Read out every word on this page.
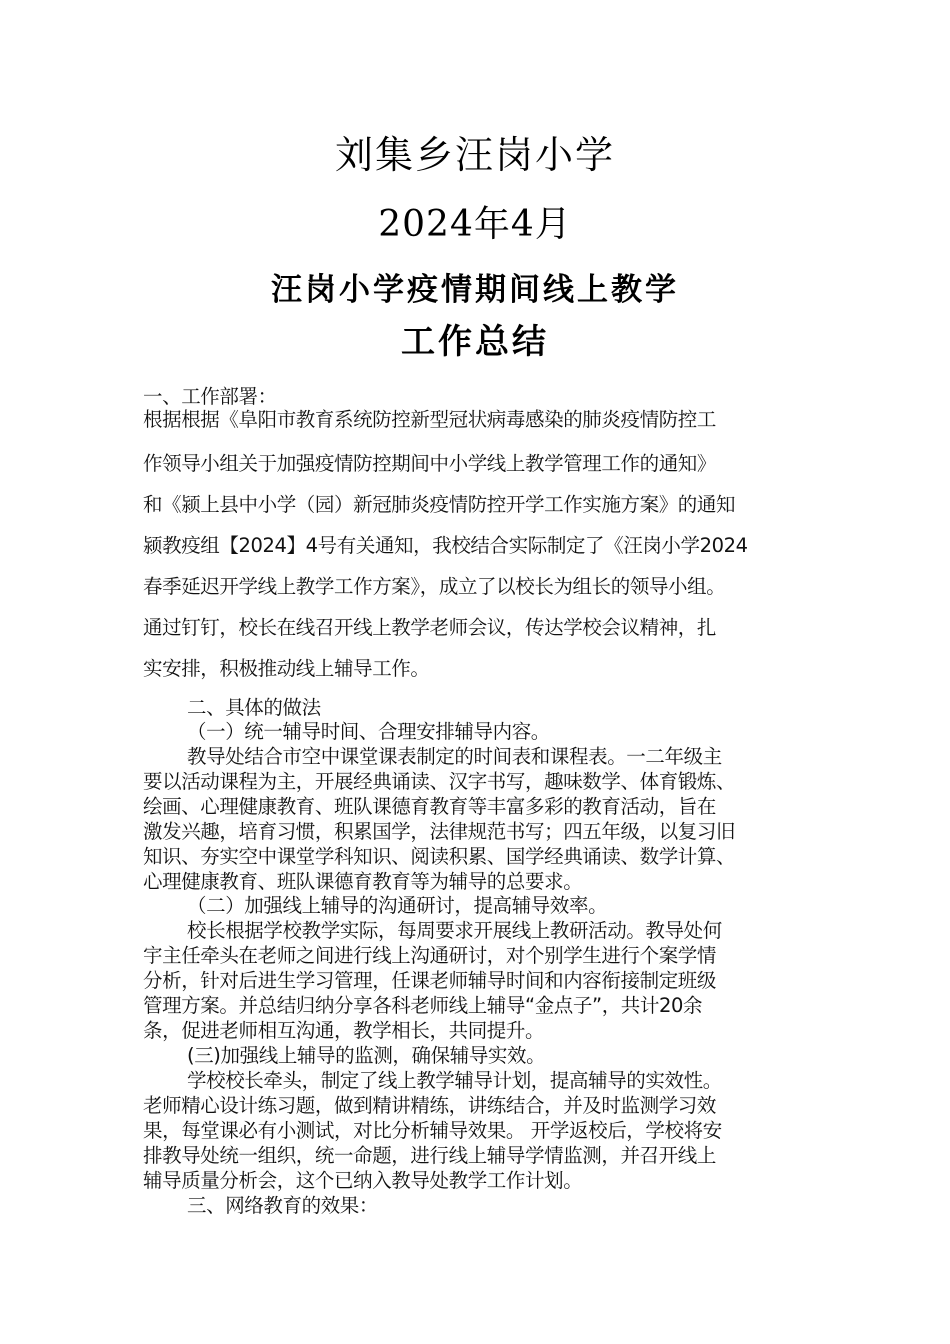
刘集乡汪岗小学
2024年4月
汪岗小学疫情期间线上教学
工作总结
一、工作部署：
根据根据《阜阳市教育系统防控新型冠状病毒感染的肺炎疫情防控工
作领导小组关于加强疫情防控期间中小学线上教学管理工作的通知》
和《颍上县中小学（园）新冠肺炎疫情防控开学工作实施方案》的通知
颍教疫组【2024】4号有关通知，我校结合实际制定了《汪岗小学2024
春季延迟开学线上教学工作方案》，成立了以校长为组长的领导小组。
通过钉钉，校长在线召开线上教学老师会议，传达学校会议精神，扎
实安排，积极推动线上辅导工作。
二、具体的做法
（一）统一辅导时间、合理安排辅导内容。
教导处结合市空中课堂课表制定的时间表和课程表。一二年级主
要以活动课程为主，开展经典诵读、汉字书写，趣味数学、体育锻炼、
绘画、心理健康教育、班队课德育教育等丰富多彩的教育活动，旨在
激发兴趣，培育习惯，积累国学，法律规范书写；四五年级，以复习旧
知识、夯实空中课堂学科知识、阅读积累、国学经典诵读、数学计算、
心理健康教育、班队课德育教育等为辅导的总要求。
（二）加强线上辅导的沟通研讨，提高辅导效率。
校长根据学校教学实际，每周要求开展线上教研活动。教导处何
宇主任牵头在老师之间进行线上沟通研讨，对个别学生进行个案学情
分析，针对后进生学习管理，任课老师辅导时间和内容衔接制定班级
管理方案。并总结归纳分享各科老师线上辅导“金点子”，共计20余
条，促进老师相互沟通，教学相长，共同提升。
(三)加强线上辅导的监测，确保辅导实效。
学校校长牵头，制定了线上教学辅导计划，提高辅导的实效性。
老师精心设计练习题，做到精讲精练，讲练结合，并及时监测学习效
果，每堂课必有小测试，对比分析辅导效果。 开学返校后，学校将安
排教导处统一组织，统一命题，进行线上辅导学情监测，并召开线上
辅导质量分析会，这个已纳入教导处教学工作计划。
三、网络教育的效果：
